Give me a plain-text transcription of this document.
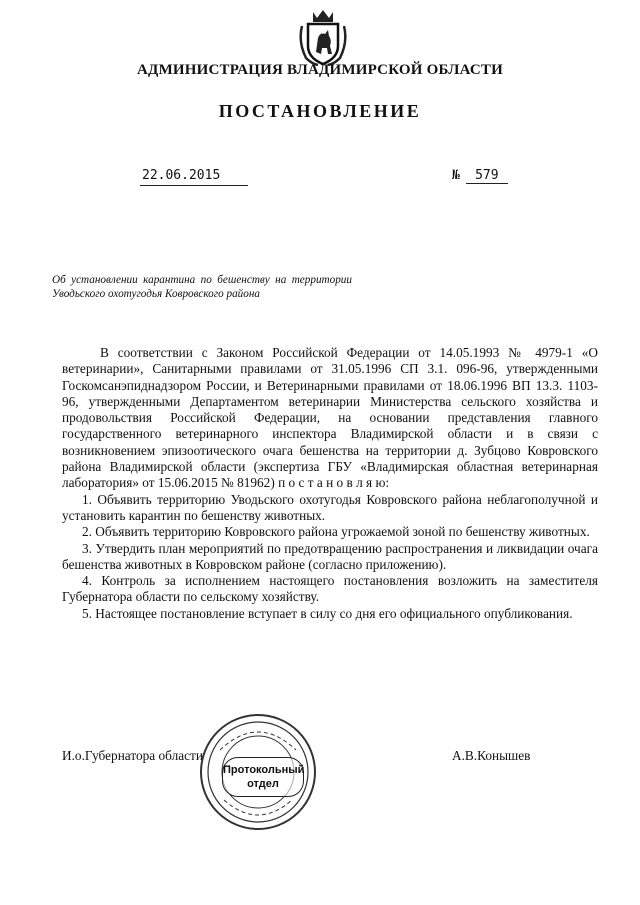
АДМИНИСТРАЦИЯ ВЛАДИМИРСКОЙ ОБЛАСТИ
ПОСТАНОВЛЕНИЕ
22.06.2015	№ 579
Об установлении карантина по бешенству на территории Уводьского охотугодья Ковровского района

В соответствии с Законом Российской Федерации от 14.05.1993 № 4979-1 «О ветеринарии», Санитарными правилами от 31.05.1996 СП 3.1. 096-96, утвержденными Госкомсанэпиднадзором России, и Ветеринарными правилами от 18.06.1996 ВП 13.3. 1103-96, утвержденными Департаментом ветеринарии Министерства сельского хозяйства и продовольствия Российской Федерации, на основании представления главного государственного ветеринарного инспектора Владимирской области и в связи с возникновением эпизоотического очага бешенства на территории д. Зубцово Ковровского района Владимирской области (экспертиза ГБУ «Владимирская областная ветеринарная лаборатория» от 15.06.2015 № 81962) п о с т а н о в л я ю:

1. Объявить территорию Уводьского охотугодья Ковровского района неблагополучной и установить карантин по бешенству животных.

2. Объявить территорию Ковровского района угрожаемой зоной по бешенству животных.

3. Утвердить план мероприятий по предотвращению распространения и ликвидации очага бешенства животных в Ковровском районе (согласно приложению).

4. Контроль за исполнением настоящего постановления возложить на заместителя Губернатора области по сельскому хозяйству.

5. Настоящее постановление вступает в силу со дня его официального опубликования.

И.о.Губернатора области	А.В.Конышев
Протокольный
отдел
